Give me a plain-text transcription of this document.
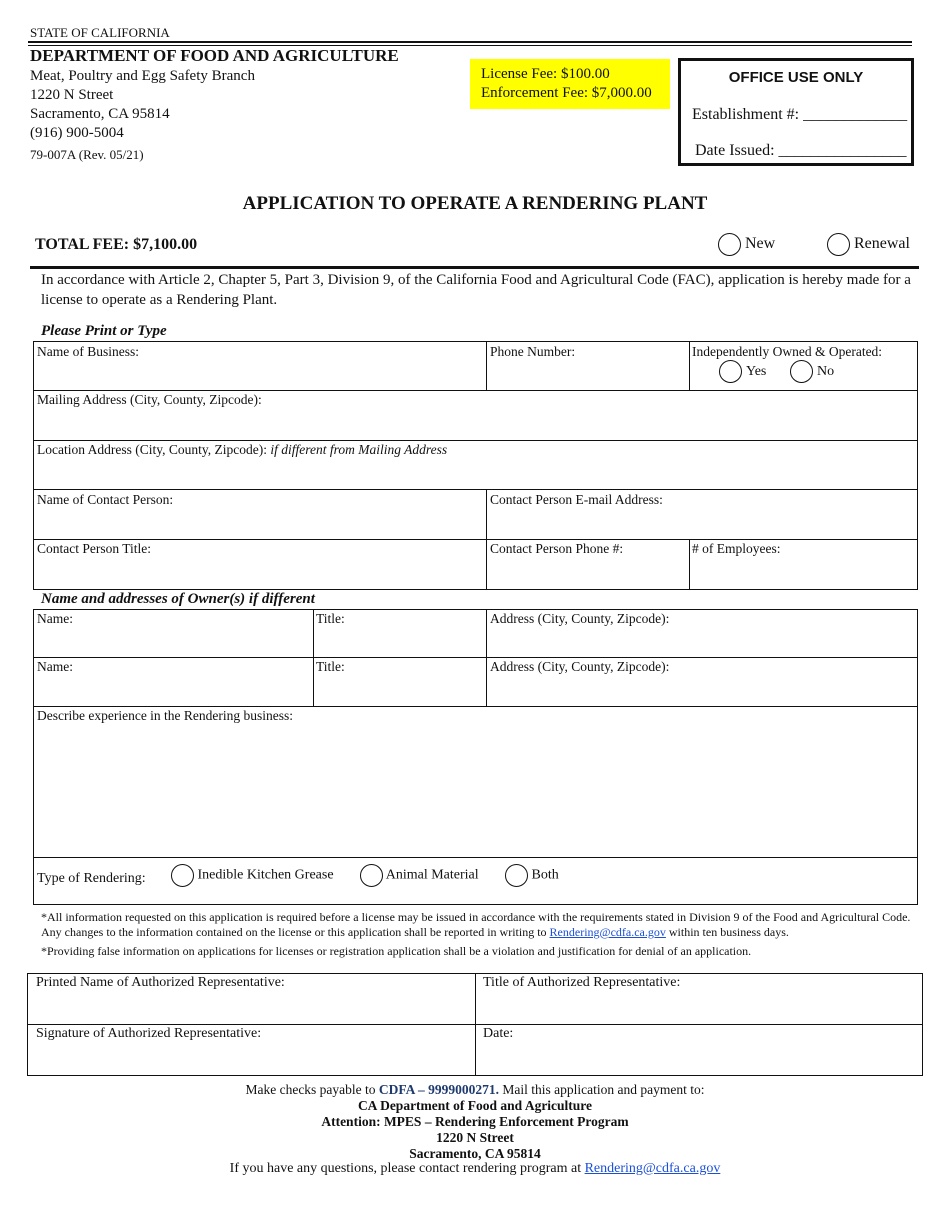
STATE OF CALIFORNIA
DEPARTMENT OF FOOD AND AGRICULTURE
Meat, Poultry and Egg Safety Branch
1220 N Street
Sacramento, CA 95814
(916) 900-5004
79-007A (Rev. 05/21)
License Fee: $100.00
Enforcement Fee: $7,000.00
OFFICE USE ONLY
Establishment #: _____________
Date Issued: ________________
APPLICATION TO OPERATE A RENDERING PLANT
TOTAL FEE: $7,100.00	New	Renewal
In accordance with Article 2, Chapter 5, Part 3, Division 9, of the California Food and Agricultural Code (FAC), application is hereby made for a license to operate as a Rendering Plant.
Please Print or Type
Name of Business:	Phone Number:	Independently Owned & Operated:
Yes	No
Mailing Address (City, County, Zipcode):
Location Address (City, County, Zipcode): if different from Mailing Address
Name of Contact Person:	Contact Person E-mail Address:
Contact Person Title:	Contact Person Phone #:	# of Employees:
Name and addresses of Owner(s) if different
Name:	Title:	Address (City, County, Zipcode):
Name:	Title:	Address (City, County, Zipcode):
Describe experience in the Rendering business:
Type of Rendering:	Inedible Kitchen Grease	Animal Material	Both
*All information requested on this application is required before a license may be issued in accordance with the requirements stated in Division 9 of the Food and Agricultural Code. Any changes to the information contained on the license or this application shall be reported in writing to Rendering@cdfa.ca.gov within ten business days.
*Providing false information on applications for licenses or registration application shall be a violation and justification for denial of an application.
Printed Name of Authorized Representative:	Title of Authorized Representative:
Signature of Authorized Representative:	Date:
Make checks payable to CDFA – 9999000271. Mail this application and payment to:
CA Department of Food and Agriculture
Attention: MPES – Rendering Enforcement Program
1220 N Street
Sacramento, CA 95814
If you have any questions, please contact rendering program at Rendering@cdfa.ca.gov
